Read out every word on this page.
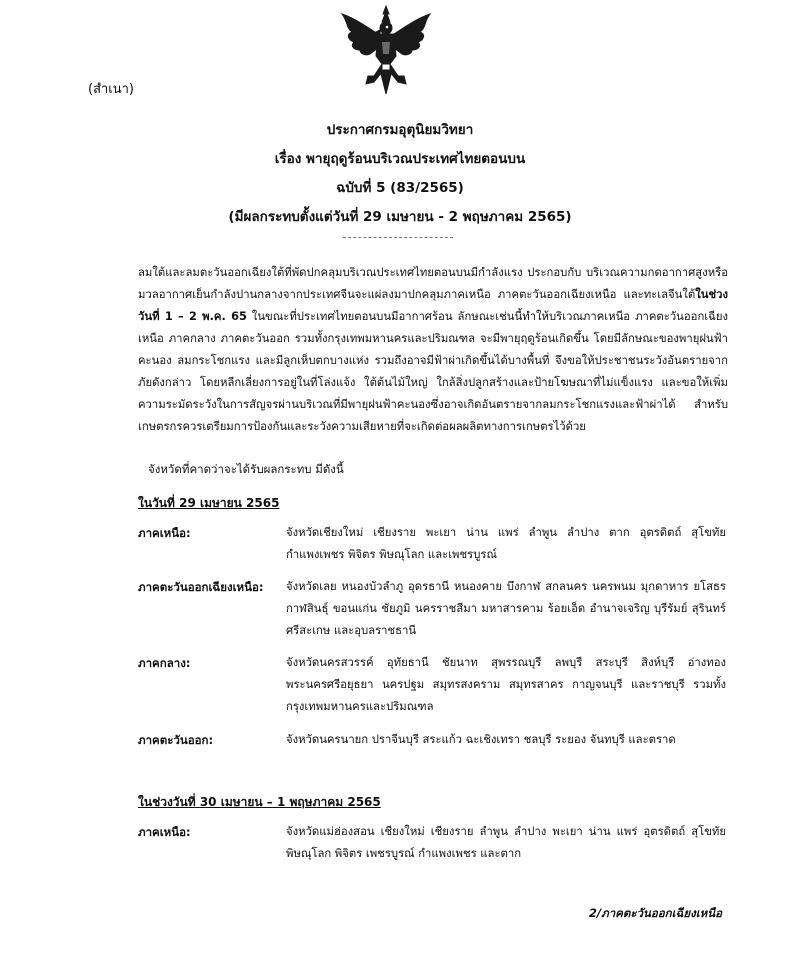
(สำเนา)
ประกาศกรมอุตุนิยมวิทยา
เรื่อง พายุฤดูร้อนบริเวณประเทศไทยตอนบน
ฉบับที่ 5 (83/2565)
(มีผลกระทบตั้งแต่วันที่ 29 เมษายน - 2 พฤษภาคม 2565)

ลมใต้และลมตะวันออกเฉียงใต้ที่พัดปกคลุมบริเวณประเทศไทยตอนบนมีกำลังแรง ประกอบกับ บริเวณความกดอากาศสูงหรือมวลอากาศเย็นกำลังปานกลางจากประเทศจีนจะแผ่ลงมาปกคลุมภาคเหนือ ภาคตะวันออกเฉียงเหนือ และทะเลจีนใต้ในช่วงวันที่ 1 – 2 พ.ค. 65 ในขณะที่ประเทศไทยตอนบนมีอากาศร้อน ลักษณะเช่นนี้ทำให้บริเวณภาคเหนือ ภาคตะวันออกเฉียงเหนือ ภาคกลาง ภาคตะวันออก รวมทั้งกรุงเทพมหานครและปริมณฑล จะมีพายุฤดูร้อนเกิดขึ้น โดยมีลักษณะของพายุฝนฟ้าคะนอง ลมกระโชกแรง และมีลูกเห็บตกบางแห่ง รวมถึงอาจมีฟ้าผ่าเกิดขึ้นได้บางพื้นที่ จึงขอให้ประชาชนระวังอันตรายจากภัยดังกล่าว โดยหลีกเลี่ยงการอยู่ในที่โล่งแจ้ง ใต้ต้นไม้ใหญ่ ใกล้สิ่งปลูกสร้างและป้ายโฆษณาที่ไม่แข็งแรง และขอให้เพิ่มความระมัดระวังในการสัญจรผ่านบริเวณที่มีพายุฝนฟ้าคะนองซึ่งอาจเกิดอันตรายจากลมกระโชกแรงและฟ้าผ่าได้ สำหรับเกษตรกรควรเตรียมการป้องกันและระวังความเสียหายที่จะเกิดต่อผลผลิตทางการเกษตรไว้ด้วย

จังหวัดที่คาดว่าจะได้รับผลกระทบ มีดังนี้
ในวันที่ 29 เมษายน 2565
ภาคเหนือ:	จังหวัดเชียงใหม่ เชียงราย พะเยา น่าน แพร่ ลำพูน ลำปาง ตาก อุตรดิตถ์ สุโขทัย กำแพงเพชร พิจิตร พิษณุโลก และเพชรบูรณ์
ภาคตะวันออกเฉียงเหนือ:	จังหวัดเลย หนองบัวลำภู อุดรธานี หนองคาย บึงกาฬ สกลนคร นครพนม มุกดาหาร ยโสธร กาฬสินธุ์ ขอนแก่น ชัยภูมิ นครราชสีมา มหาสารคาม ร้อยเอ็ด อำนาจเจริญ บุรีรัมย์ สุรินทร์ ศรีสะเกษ และอุบลราชธานี
ภาคกลาง:	จังหวัดนครสวรรค์ อุทัยธานี ชัยนาท สุพรรณบุรี ลพบุรี สระบุรี สิงห์บุรี อ่างทอง พระนครศรีอยุธยา นครปฐม สมุทรสงคราม สมุทรสาคร กาญจนบุรี และราชบุรี รวมทั้งกรุงเทพมหานครและปริมณฑล
ภาคตะวันออก:	จังหวัดนครนายก ปราจีนบุรี สระแก้ว ฉะเชิงเทรา ชลบุรี ระยอง จันทบุรี และตราด
ในช่วงวันที่ 30 เมษายน – 1 พฤษภาคม 2565
ภาคเหนือ:	จังหวัดแม่ฮ่องสอน เชียงใหม่ เชียงราย ลำพูน ลำปาง พะเยา น่าน แพร่ อุตรดิตถ์ สุโขทัย พิษณุโลก พิจิตร เพชรบูรณ์ กำแพงเพชร และตาก
2/ภาคตะวันออกเฉียงเหนือ
